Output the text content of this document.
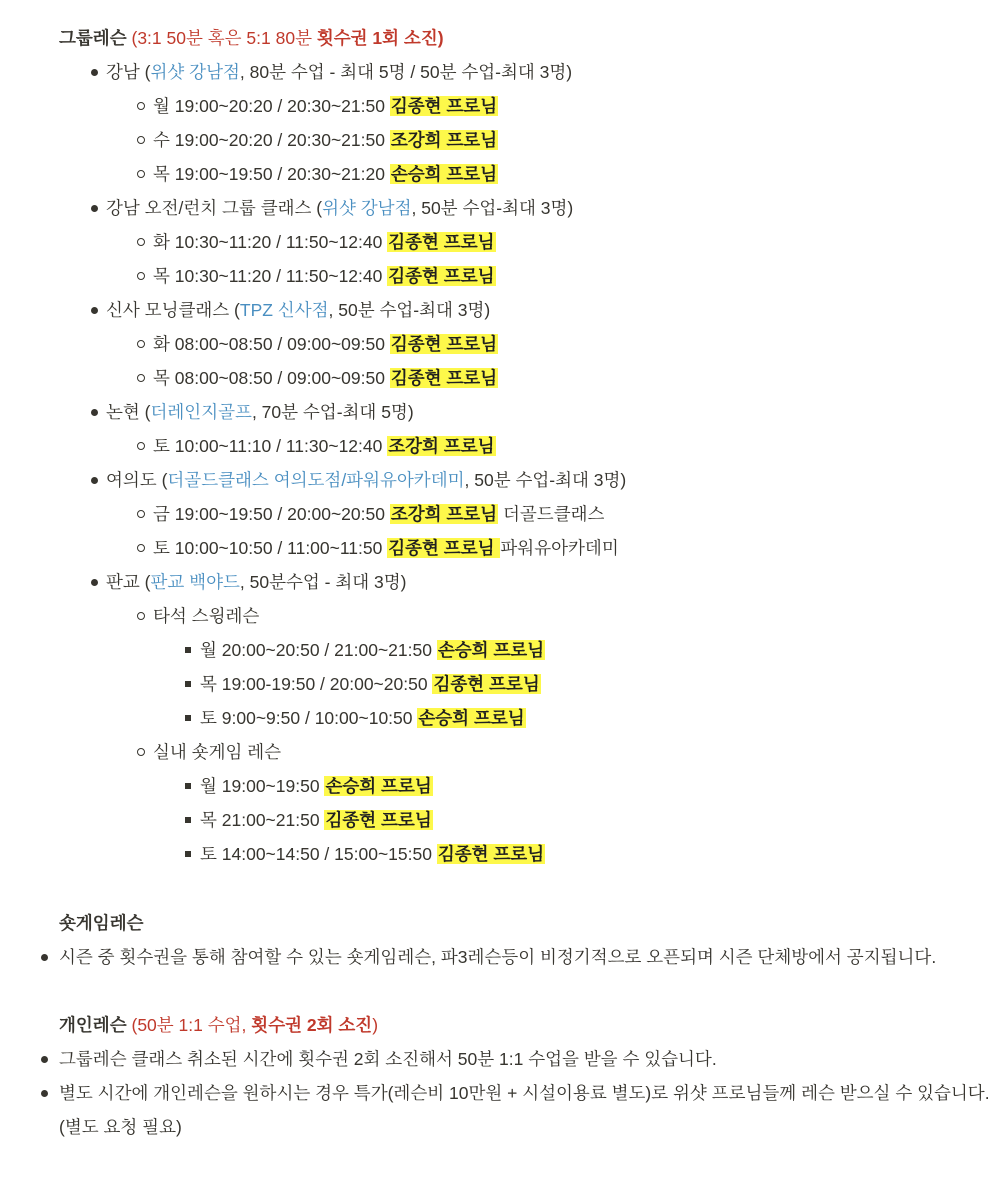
그룹레슨 (3:1 50분 혹은 5:1 80분 횟수권 1회 소진)
숏게임레슨
시즌 중 횟수권을 통해 참여할 수 있는 숏게임레슨, 파3레슨등이 비정기적으로 오픈되며 시즌 단체방에서 공지됩니다.
개인레슨 (50분 1:1 수업, 횟수권 2회 소진)
그룹레슨 클래스 취소된 시간에 횟수권 2회 소진해서 50분 1:1 수업을 받을 수 있습니다.
별도 시간에 개인레슨을 원하시는 경우 특가(레슨비 10만원 + 시설이용료 별도)로 위샷 프로님들께 레슨 받으실 수 있습니다.
(별도 요청 필요)
강남 (위샷 강남점, 80분 수업 - 최대 5명 / 50분 수업-최대 3명)
월 19:00~20:20 / 20:30~21:50 김종현 프로님
수 19:00~20:20 / 20:30~21:50 조강희 프로님
목 19:00~19:50 / 20:30~21:20 손승희 프로님
강남 오전/런치 그룹 클래스 (위샷 강남점, 50분 수업-최대 3명)
화 10:30~11:20 / 11:50~12:40 김종현 프로님
목 10:30~11:20 / 11:50~12:40 김종현 프로님
신사 모닝클래스 (TPZ 신사점, 50분 수업-최대 3명)
화 08:00~08:50 / 09:00~09:50 김종현 프로님
목 08:00~08:50 / 09:00~09:50 김종현 프로님
논현 (더레인지골프, 70분 수업-최대 5명)
토 10:00~11:10 / 11:30~12:40 조강희 프로님
여의도 (더골드클래스 여의도점/파워유아카데미, 50분 수업-최대 3명)
금 19:00~19:50 / 20:00~20:50 조강희 프로님 더골드클래스
토 10:00~10:50 / 11:00~11:50 김종현 프로님 파워유아카데미
판교 (판교 백야드, 50분수업 - 최대 3명)
타석 스윙레슨
월 20:00~20:50 / 21:00~21:50 손승희 프로님
목 19:00-19:50 / 20:00~20:50 김종현 프로님
토 9:00~9:50 / 10:00~10:50 손승희 프로님
실내 숏게임 레슨
월 19:00~19:50 손승희 프로님
목 21:00~21:50 김종현 프로님
토 14:00~14:50 / 15:00~15:50 김종현 프로님
